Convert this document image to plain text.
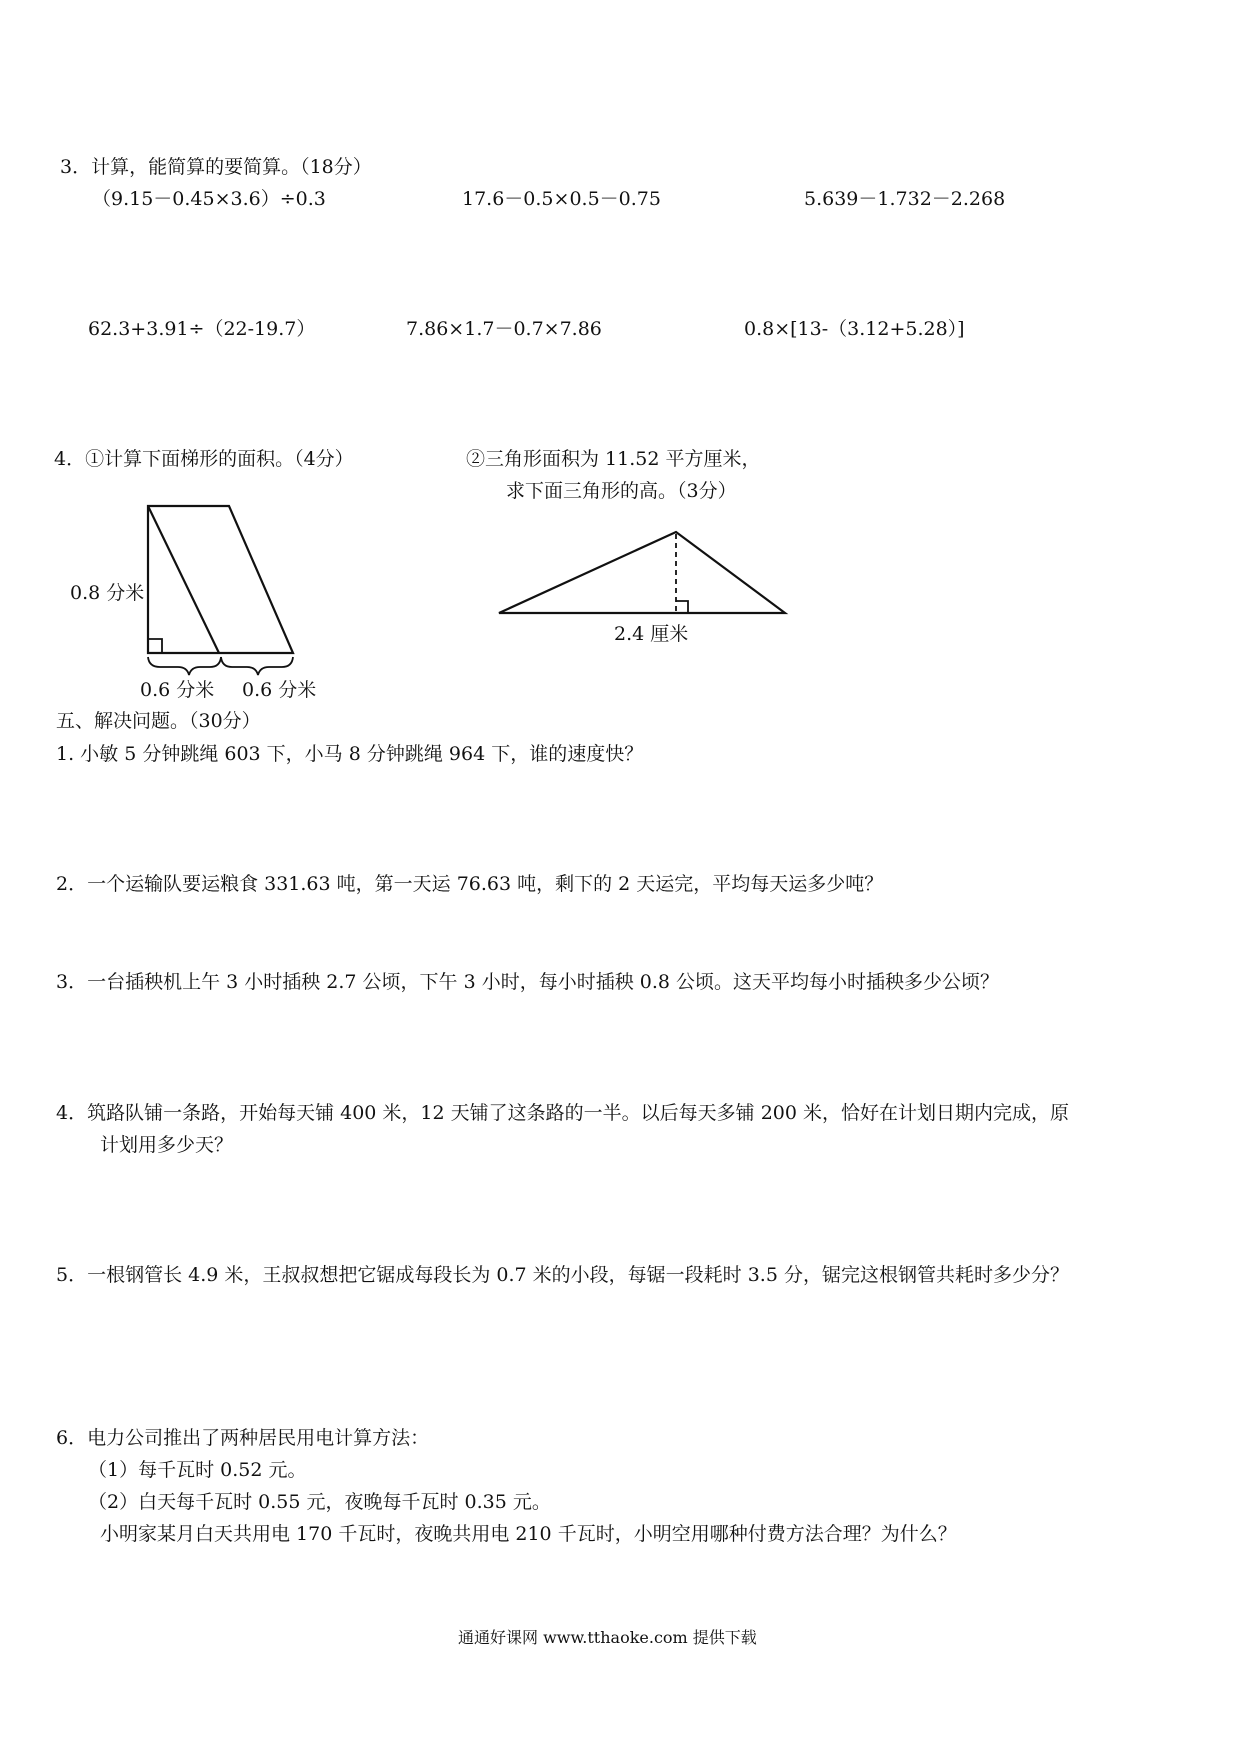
3．计算，能简算的要简算。（18分）
（9.15－0.45×3.6）÷0.3	17.6－0.5×0.5－0.75	5.639－1.732－2.268
62.3+3.91÷（22-19.7）	7.86×1.7－0.7×7.86	0.8×[13-（3.12+5.28）]
4．①计算下面梯形的面积。（4分）	②三角形面积为 11.52 平方厘米，
求下面三角形的高。（3分）
0.8 分米
0.6 分米 0.6 分米
2.4 厘米
五、解决问题。（30分）
1. 小敏 5 分钟跳绳 603 下，小马 8 分钟跳绳 964 下，谁的速度快？
2．一个运输队要运粮食 331.63 吨，第一天运 76.63 吨，剩下的 2 天运完，平均每天运多少吨？
3．一台插秧机上午 3 小时插秧 2.7 公顷，下午 3 小时，每小时插秧 0.8 公顷。这天平均每小时插秧多少公顷？
4．筑路队铺一条路，开始每天铺 400 米，12 天铺了这条路的一半。以后每天多铺 200 米，恰好在计划日期内完成，原
计划用多少天？
5．一根钢管长 4.9 米，王叔叔想把它锯成每段长为 0.7 米的小段，每锯一段耗时 3.5 分，锯完这根钢管共耗时多少分？
6．电力公司推出了两种居民用电计算方法：
（1）每千瓦时 0.52 元。
（2）白天每千瓦时 0.55 元，夜晚每千瓦时 0.35 元。
小明家某月白天共用电 170 千瓦时，夜晚共用电 210 千瓦时，小明空用哪种付费方法合理？为什么？
通通好课网 www.tthaoke.com 提供下载
